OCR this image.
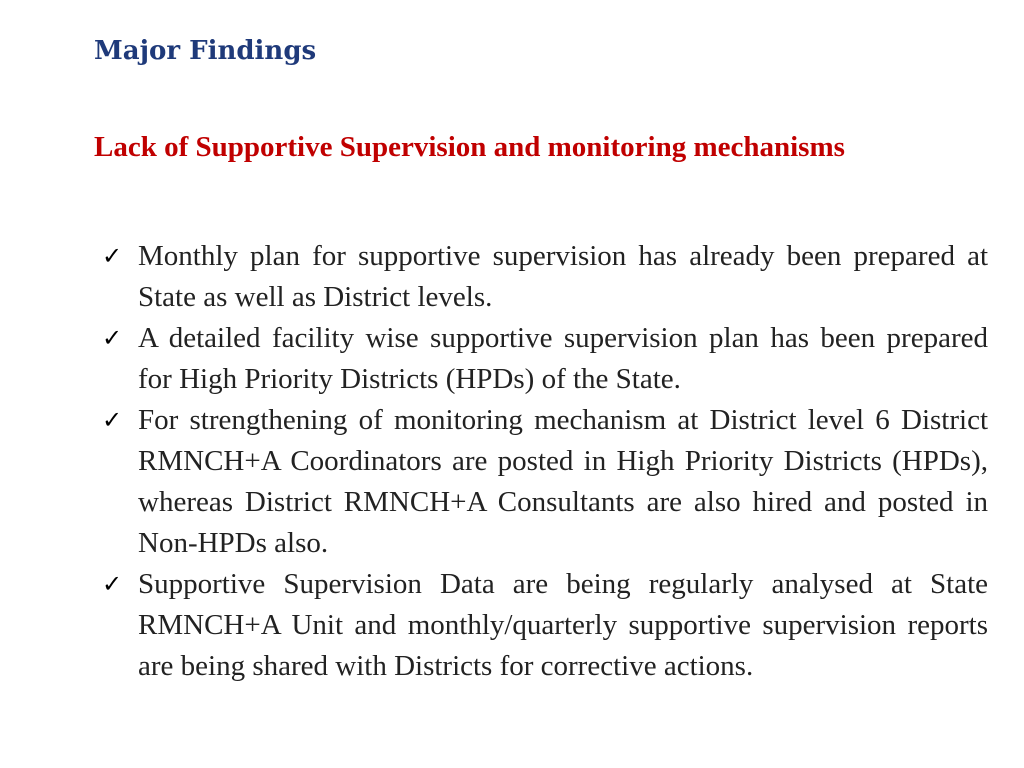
Major Findings
Lack of Supportive Supervision and monitoring mechanisms
✓ Monthly plan for supportive supervision has already been prepared at State as well as District levels.
✓ A detailed facility wise supportive supervision plan has been prepared for High Priority Districts (HPDs) of the State.
✓ For strengthening of monitoring mechanism at District level 6 District RMNCH+A Coordinators are posted in High Priority Districts (HPDs), whereas District RMNCH+A Consultants are also hired and posted in Non-HPDs also.
✓ Supportive Supervision Data are being regularly analysed at State RMNCH+A Unit and monthly/quarterly supportive supervision reports are being shared with Districts for corrective actions.
